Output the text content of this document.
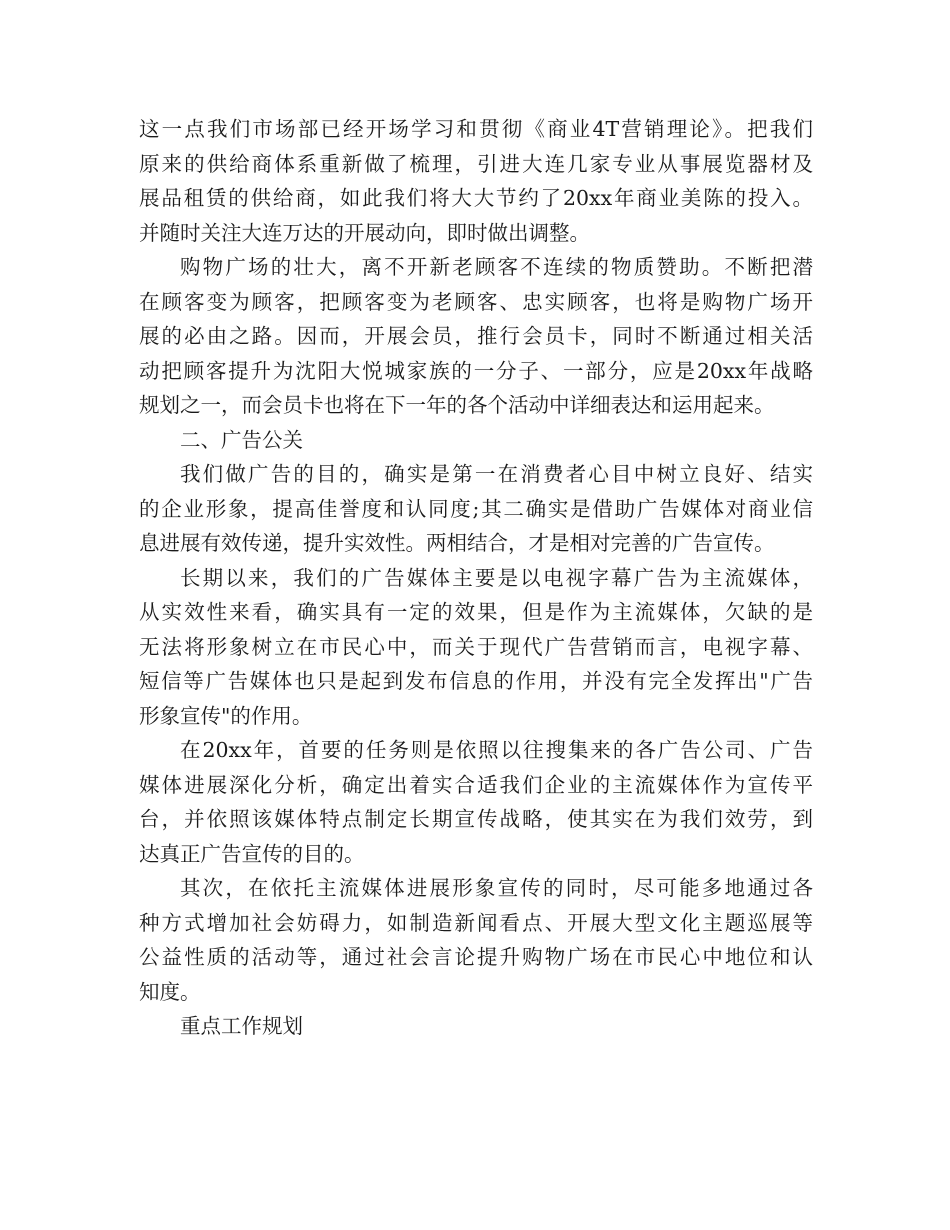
这一点我们市场部已经开场学习和贯彻《商业4T营销理论》。把我们
原来的供给商体系重新做了梳理，引进大连几家专业从事展览器材及
展品租赁的供给商，如此我们将大大节约了20xx年商业美陈的投入。
并随时关注大连万达的开展动向，即时做出调整。
购物广场的壮大，离不开新老顾客不连续的物质赞助。不断把潜
在顾客变为顾客，把顾客变为老顾客、忠实顾客，也将是购物广场开
展的必由之路。因而，开展会员，推行会员卡，同时不断通过相关活
动把顾客提升为沈阳大悦城家族的一分子、一部分，应是20xx年战略
规划之一，而会员卡也将在下一年的各个活动中详细表达和运用起来。
二、广告公关
我们做广告的目的，确实是第一在消费者心目中树立良好、结实
的企业形象，提高佳誉度和认同度;其二确实是借助广告媒体对商业信
息进展有效传递，提升实效性。两相结合，才是相对完善的广告宣传。
长期以来，我们的广告媒体主要是以电视字幕广告为主流媒体，
从实效性来看，确实具有一定的效果，但是作为主流媒体，欠缺的是
无法将形象树立在市民心中，而关于现代广告营销而言，电视字幕、
短信等广告媒体也只是起到发布信息的作用，并没有完全发挥出"广告
形象宣传"的作用。
在20xx年，首要的任务则是依照以往搜集来的各广告公司、广告
媒体进展深化分析，确定出着实合适我们企业的主流媒体作为宣传平
台，并依照该媒体特点制定长期宣传战略，使其实在为我们效劳，到
达真正广告宣传的目的。
其次，在依托主流媒体进展形象宣传的同时，尽可能多地通过各
种方式增加社会妨碍力，如制造新闻看点、开展大型文化主题巡展等
公益性质的活动等，通过社会言论提升购物广场在市民心中地位和认
知度。
重点工作规划
